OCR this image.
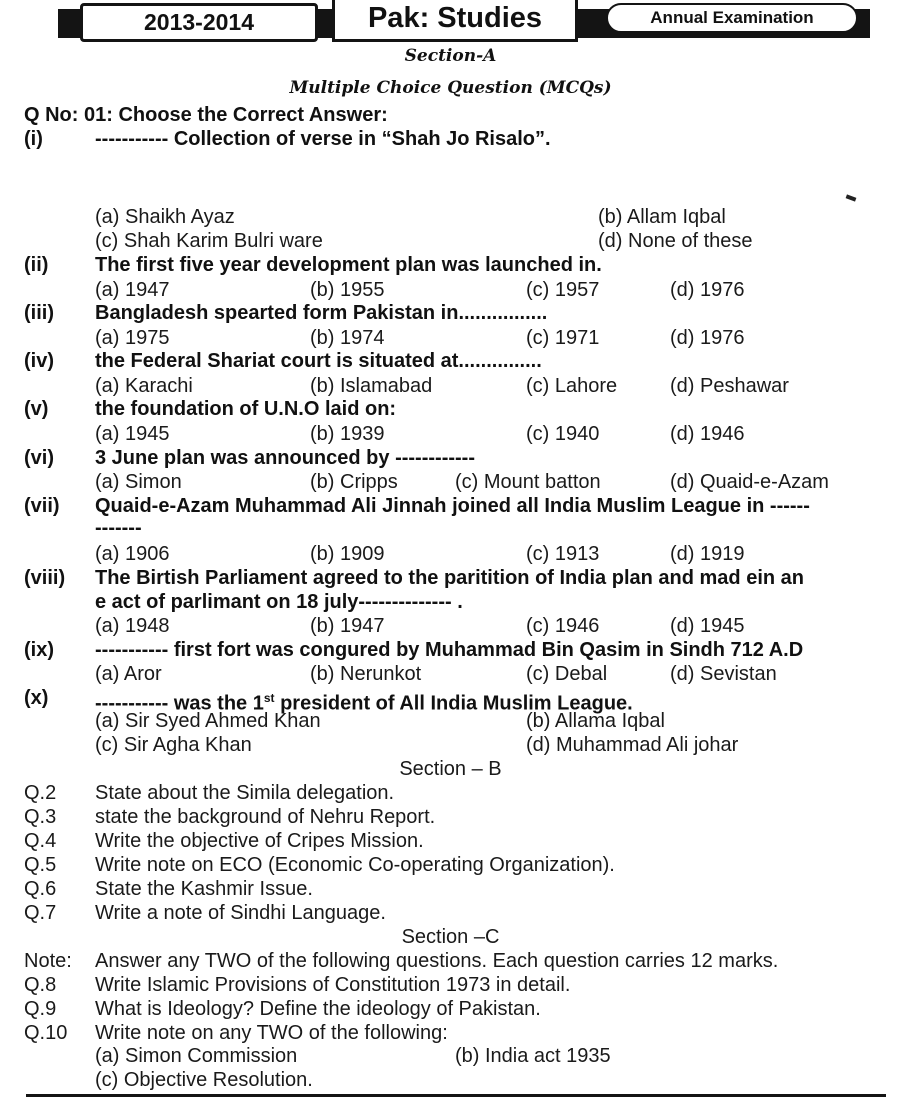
2013-2014	Pak: Studies	Annual Examination
Section-A
Multiple Choice Question (MCQs)
Q No: 01: Choose the Correct Answer:
(i)	----------- Collection of verse in “Shah Jo Risalo”.
(a) Shaikh Ayaz	(b) Allam Iqbal
(c) Shah Karim Bulri ware	(d) None of these
(ii) The first five year development plan was launched in.
(a) 1947	(b) 1955	(c) 1957	(d) 1976
(iii) Bangladesh spearted form Pakistan in................
(a) 1975	(b) 1974	(c) 1971	(d) 1976
(iv) the Federal Shariat court is situated at...............
(a) Karachi	(b) Islamabad	(c) Lahore	(d) Peshawar
(v) the foundation of U.N.O laid on:
(a) 1945	(b) 1939	(c) 1940	(d) 1946
(vi) 3 June plan was announced by ------------
(a) Simon	(b) Cripps	(c) Mount batton	(d) Quaid-e-Azam
(vii) Quaid-e-Azam Muhammad Ali Jinnah joined all India Muslim League in ------
-------
(a) 1906	(b) 1909	(c) 1913	(d) 1919
(viii) The Birtish Parliament agreed to the paritition of India plan and mad ein an
e act of parlimant on 18 july-------------- .
(a) 1948	(b) 1947	(c) 1946	(d) 1945
(ix) ----------- first fort was congured by Muhammad Bin Qasim in Sindh 712 A.D
(a) Aror	(b) Nerunkot	(c) Debal	(d) Sevistan
(x) ----------- was the 1st president of All India Muslim League.
(a) Sir Syed Ahmed Khan	(b) Allama Iqbal
(c) Sir Agha Khan	(d) Muhammad Ali johar
Section – B
Q.2 State about the Simila delegation.
Q.3 state the background of Nehru Report.
Q.4 Write the objective of Cripes Mission.
Q.5 Write note on ECO (Economic Co-operating Organization).
Q.6 State the Kashmir Issue.
Q.7 Write a note of Sindhi Language.
Section –C
Note: Answer any TWO of the following questions. Each question carries 12 marks.
Q.8 Write Islamic Provisions of Constitution 1973 in detail.
Q.9 What is Ideology? Define the ideology of Pakistan.
Q.10 Write note on any TWO of the following:
(a) Simon Commission	(b) India act 1935
(c) Objective Resolution.
